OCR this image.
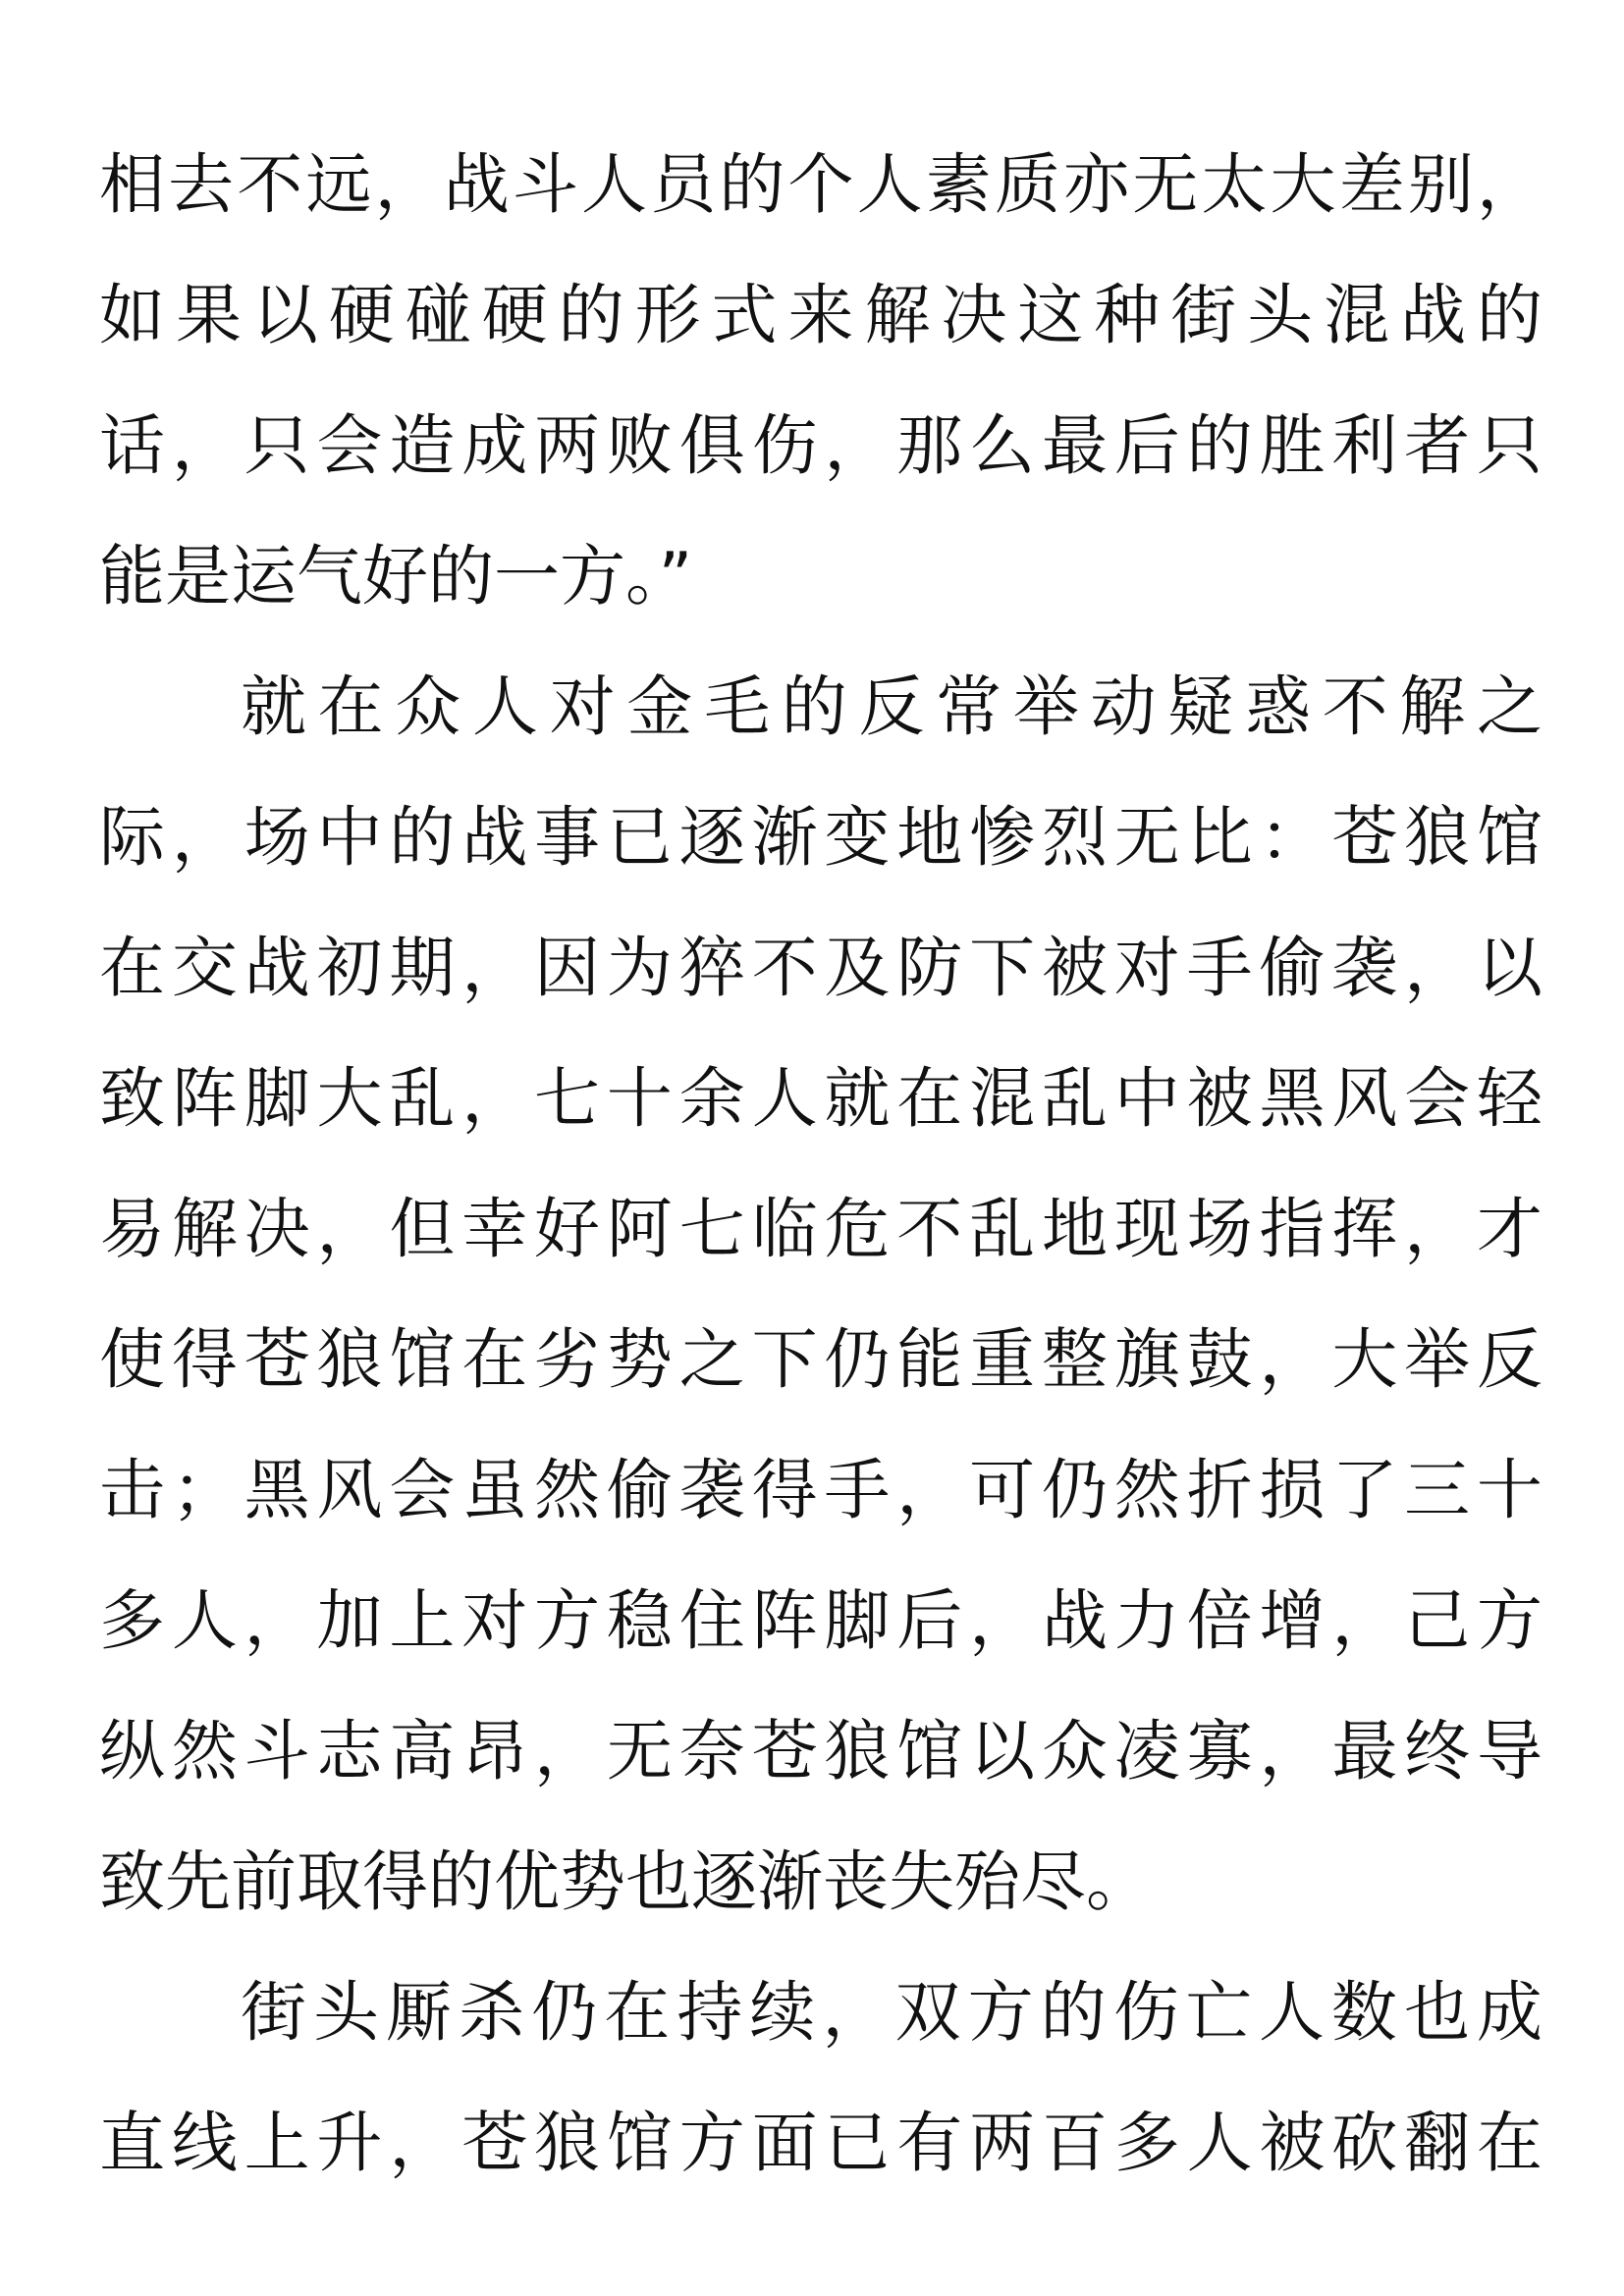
相去不远，战斗人员的个人素质亦无太大差别，
如果以硬碰硬的形式来解决这种街头混战的
话，只会造成两败俱伤，那么最后的胜利者只
能是运气好的一方。”
就在众人对金毛的反常举动疑惑不解之
际，场中的战事已逐渐变地惨烈无比：苍狼馆
在交战初期，因为猝不及防下被对手偷袭，以
致阵脚大乱，七十余人就在混乱中被黑风会轻
易解决，但幸好阿七临危不乱地现场指挥，才
使得苍狼馆在劣势之下仍能重整旗鼓，大举反
击；黑风会虽然偷袭得手，可仍然折损了三十
多人，加上对方稳住阵脚后，战力倍增，己方
纵然斗志高昂，无奈苍狼馆以众凌寡，最终导
致先前取得的优势也逐渐丧失殆尽。
街头厮杀仍在持续，双方的伤亡人数也成
直线上升，苍狼馆方面已有两百多人被砍翻在
